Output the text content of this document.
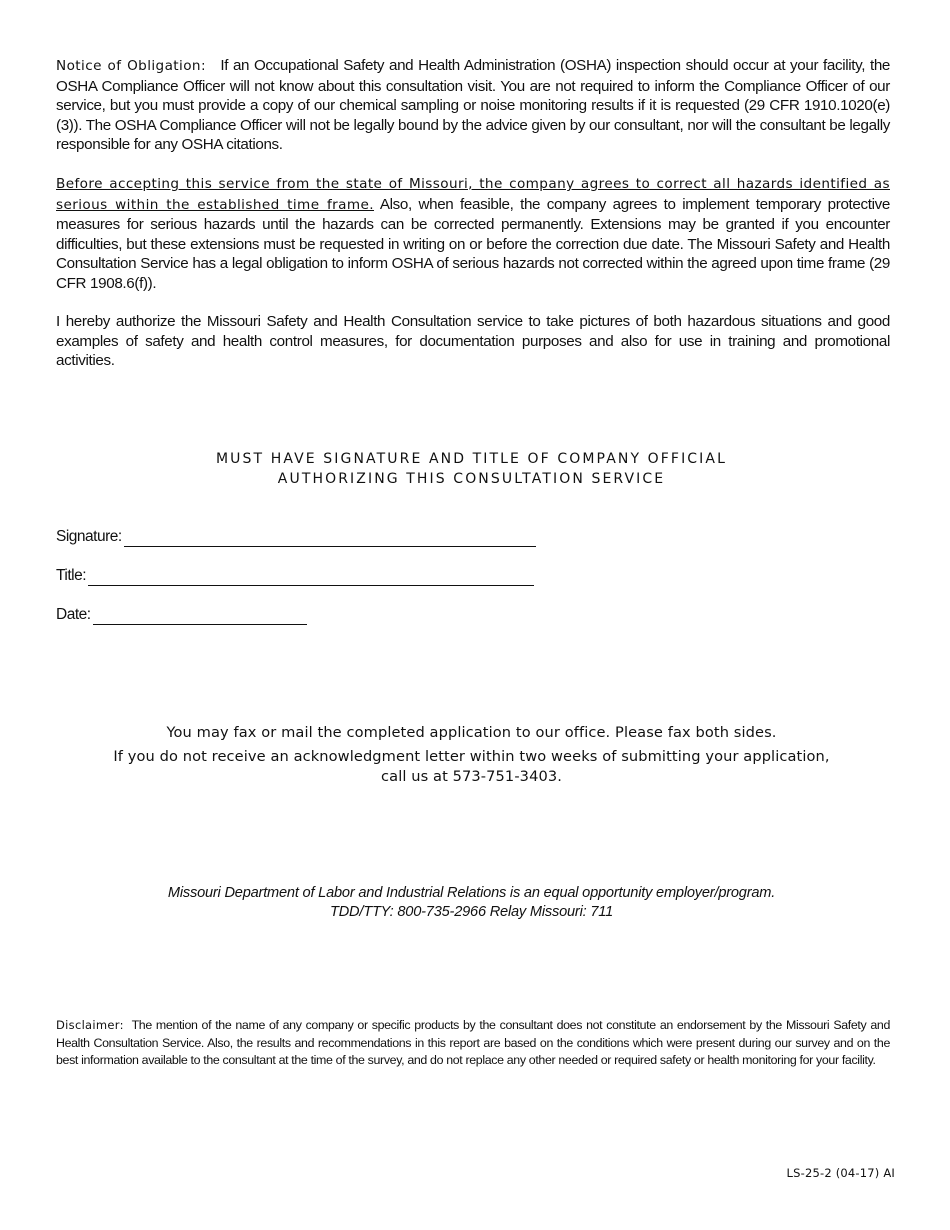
Notice of Obligation: If an Occupational Safety and Health Administration (OSHA) inspection should occur at your facility, the OSHA Compliance Officer will not know about this consultation visit. You are not required to inform the Compliance Officer of our service, but you must provide a copy of our chemical sampling or noise monitoring results if it is requested (29 CFR 1910.1020(e)(3)). The OSHA Compliance Officer will not be legally bound by the advice given by our consultant, nor will the consultant be legally responsible for any OSHA citations.

Before accepting this service from the state of Missouri, the company agrees to correct all hazards identified as serious within the established time frame. Also, when feasible, the company agrees to implement temporary protective measures for serious hazards until the hazards can be corrected permanently. Extensions may be granted if you encounter difficulties, but these extensions must be requested in writing on or before the correction due date. The Missouri Safety and Health Consultation Service has a legal obligation to inform OSHA of serious hazards not corrected within the agreed upon time frame (29 CFR 1908.6(f)).

I hereby authorize the Missouri Safety and Health Consultation service to take pictures of both hazardous situations and good examples of safety and health control measures, for documentation purposes and also for use in training and promotional activities.

MUST HAVE SIGNATURE AND TITLE OF COMPANY OFFICIAL
AUTHORIZING THIS CONSULTATION SERVICE
Signature:
Title:
Date:
You may fax or mail the completed application to our office. Please fax both sides.
If you do not receive an acknowledgment letter within two weeks of submitting your application,
call us at 573-751-3403.
Missouri Department of Labor and Industrial Relations is an equal opportunity employer/program.
TDD/TTY: 800-735-2966 Relay Missouri: 711

Disclaimer: The mention of the name of any company or specific products by the consultant does not constitute an endorsement by the Missouri Safety and Health Consultation Service. Also, the results and recommendations in this report are based on the conditions which were present during our survey and on the best information available to the consultant at the time of the survey, and do not replace any other needed or required safety or health monitoring for your facility.

LS-25-2 (04-17) AI
